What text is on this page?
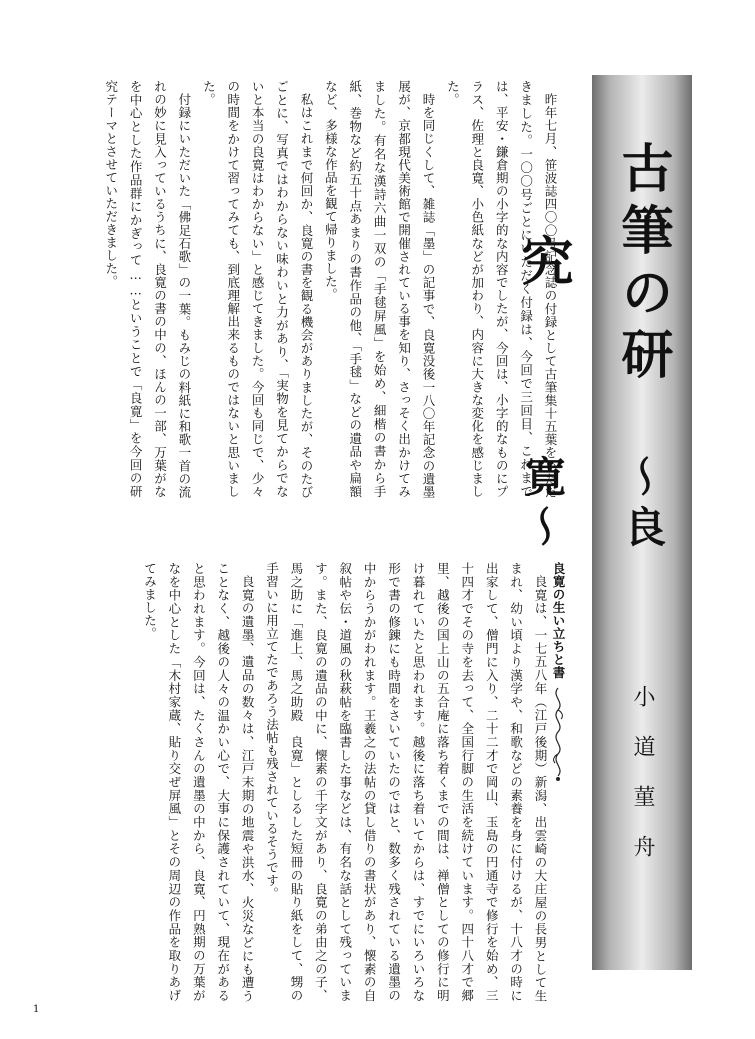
古筆の研究
〜良寛〜
小道菫舟

昨年七月、笹波誌四〇〇号記念誌の付録として古筆集十五葉をいただきました。一〇〇号ごとにいただく付録は、今回で三回目、これまでは、平安・鎌倉期の小字的な内容でしたが、今回は、小字的なものにプラス、佐理と良寛、小色紙などが加わり、内容に大きな変化を感じました。

時を同じくして、雑誌「墨」の記事で、良寛没後一八〇年記念の遺墨展が、京都現代美術館で開催されている事を知り、さっそく出かけてみました。有名な漢詩六曲一双の「手毬屏風」を始め、細楷の書から手紙、巻物など約五十点あまりの書作品の他、「手毬」などの遺品や扁額など、多様な作品を観て帰りました。

私はこれまで何回か、良寛の書を観る機会がありましたが、そのたびごとに、写真ではわからない味わいと力があり、「実物を見てからでないと本当の良寛はわからない」と感じてきました。今回も同じで、少々の時間をかけて習ってみても、到底理解出来るものではないと思いました。

付録にいただいた「佛足石歌」の一葉。もみじの料紙に和歌一首の流れの妙に見入っているうちに、良寛の書の中の、ほんの一部、万葉がなを中心とした作品群にかぎって……ということで「良寛」を今回の研究テーマとさせていただきました。

良寛の生い立ちと書

良寛は、一七五八年（江戸後期）新潟、出雲崎の大庄屋の長男として生まれ、幼い頃より漢学や、和歌などの素養を身に付けるが、十八才の時に出家して、僧門に入り、二十二才で岡山、玉島の円通寺で修行を始め、三十四才でその寺を去って、全国行脚の生活を続けています。四十八才で郷里、越後の国上山の五合庵に落ち着くまでの間は、禅僧としての修行に明け暮れていたと思われます。越後に落ち着いてからは、すでにいろいろな形で書の修錬にも時間をさいていたのではと、数多く残されている遺墨の中からうかがわれます。王羲之の法帖の貸し借りの書状があり、懐素の自叙帖や伝・道風の秋萩帖を臨書した事などは、有名な話として残っています。また、良寛の遺品の中に、懐素の千字文があり、良寛の弟由之の子、馬之助に「進上、馬之助殿　良寛」としるした短冊の貼り紙をして、甥の手習いに用立てたであろう法帖も残されているそうです。

良寛の遺墨、遺品の数々は、江戸末期の地震や洪水、火災などにも遭うことなく、越後の人々の温かい心で、大事に保護されていて、現在があると思われます。今回は、たくさんの遺墨の中から、良寛、円熟期の万葉がなを中心とした「木村家蔵、貼り交ぜ屏風」とその周辺の作品を取りあげてみました。

1
